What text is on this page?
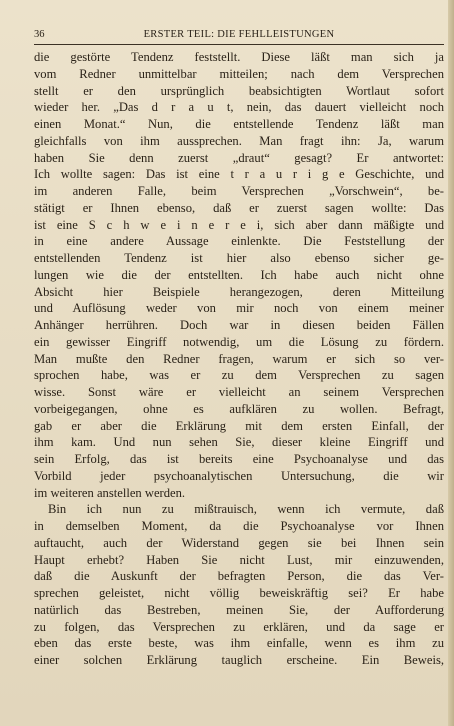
36	ERSTER TEIL: DIE FEHLLEISTUNGEN
die gestörte Tendenz feststellt. Diese läßt man sich ja
vom Redner unmittelbar mitteilen; nach dem Versprechen
stellt er den ursprünglich beabsichtigten Wortlaut sofort
wieder her. „Das d r a u t, nein, das dauert vielleicht noch
einen Monat.“ Nun, die entstellende Tendenz läßt man
gleichfalls von ihm aussprechen. Man fragt ihn: Ja, warum
haben Sie denn zuerst „draut“ gesagt? Er antwortet:
Ich wollte sagen: Das ist eine t r a u r i g e Geschichte, und
im anderen Falle, beim Versprechen „Vorschwein“, be-
stätigt er Ihnen ebenso, daß er zuerst sagen wollte: Das
ist eine S c h w e i n e r e i, sich aber dann mäßigte und
in eine andere Aussage einlenkte. Die Feststellung der
entstellenden Tendenz ist hier also ebenso sicher ge-
lungen wie die der entstellten. Ich habe auch nicht ohne
Absicht hier Beispiele herangezogen, deren Mitteilung
und Auflösung weder von mir noch von einem meiner
Anhänger herrühren. Doch war in diesen beiden Fällen
ein gewisser Eingriff notwendig, um die Lösung zu fördern.
Man mußte den Redner fragen, warum er sich so ver-
sprochen habe, was er zu dem Versprechen zu sagen
wisse. Sonst wäre er vielleicht an seinem Versprechen
vorbeigegangen, ohne es aufklären zu wollen. Befragt,
gab er aber die Erklärung mit dem ersten Einfall, der
ihm kam. Und nun sehen Sie, dieser kleine Eingriff und
sein Erfolg, das ist bereits eine Psychoanalyse und das
Vorbild jeder psychoanalytischen Untersuchung, die wir
im weiteren anstellen werden.
Bin ich nun zu mißtrauisch, wenn ich vermute, daß
in demselben Moment, da die Psychoanalyse vor Ihnen
auftaucht, auch der Widerstand gegen sie bei Ihnen sein
Haupt erhebt? Haben Sie nicht Lust, mir einzuwenden,
daß die Auskunft der befragten Person, die das Ver-
sprechen geleistet, nicht völlig beweiskräftig sei? Er habe
natürlich das Bestreben, meinen Sie, der Aufforderung
zu folgen, das Versprechen zu erklären, und da sage er
eben das erste beste, was ihm einfalle, wenn es ihm zu
einer solchen Erklärung tauglich erscheine. Ein Beweis,
